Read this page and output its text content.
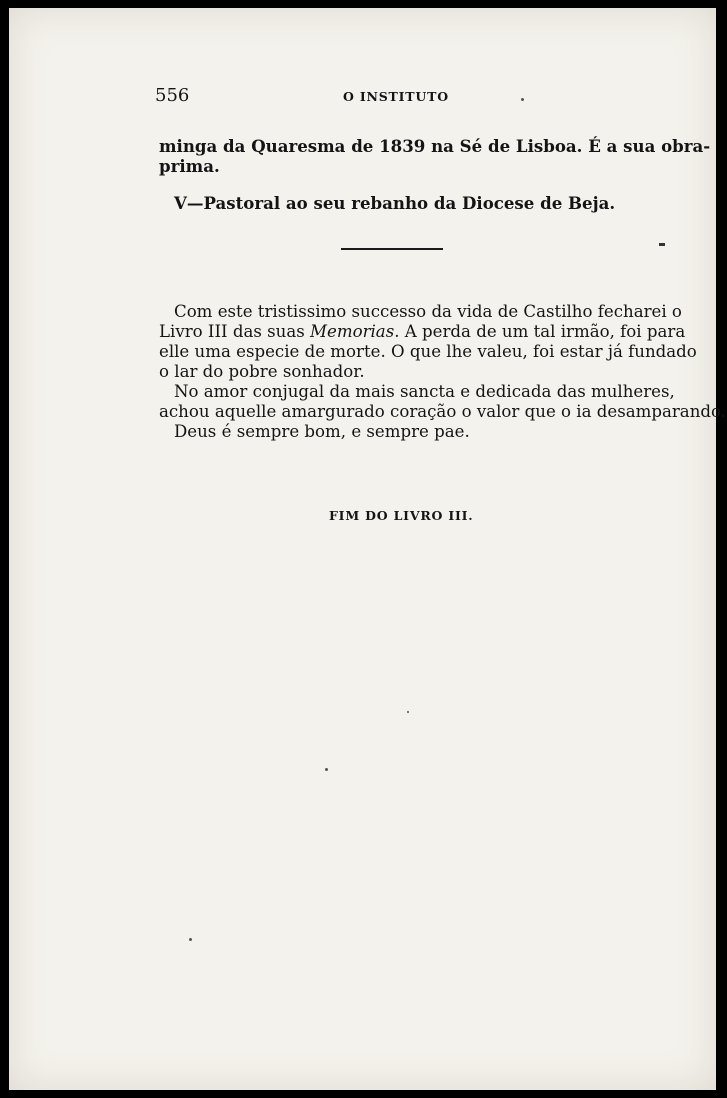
556	O INSTITUTO
minga da Quaresma de 1839 na Sé de Lisboa. É a sua obra-
prima.
V—Pastoral ao seu rebanho da Diocese de Beja.
Com este tristissimo successo da vida de Castilho fecharei o
Livro III das suas Memorias. A perda de um tal irmão, foi para
elle uma especie de morte. O que lhe valeu, foi estar já fundado
o lar do pobre sonhador.
No amor conjugal da mais sancta e dedicada das mulheres,
achou aquelle amargurado coração o valor que o ia desamparando.
Deus é sempre bom, e sempre pae.
FIM DO LIVRO III.
